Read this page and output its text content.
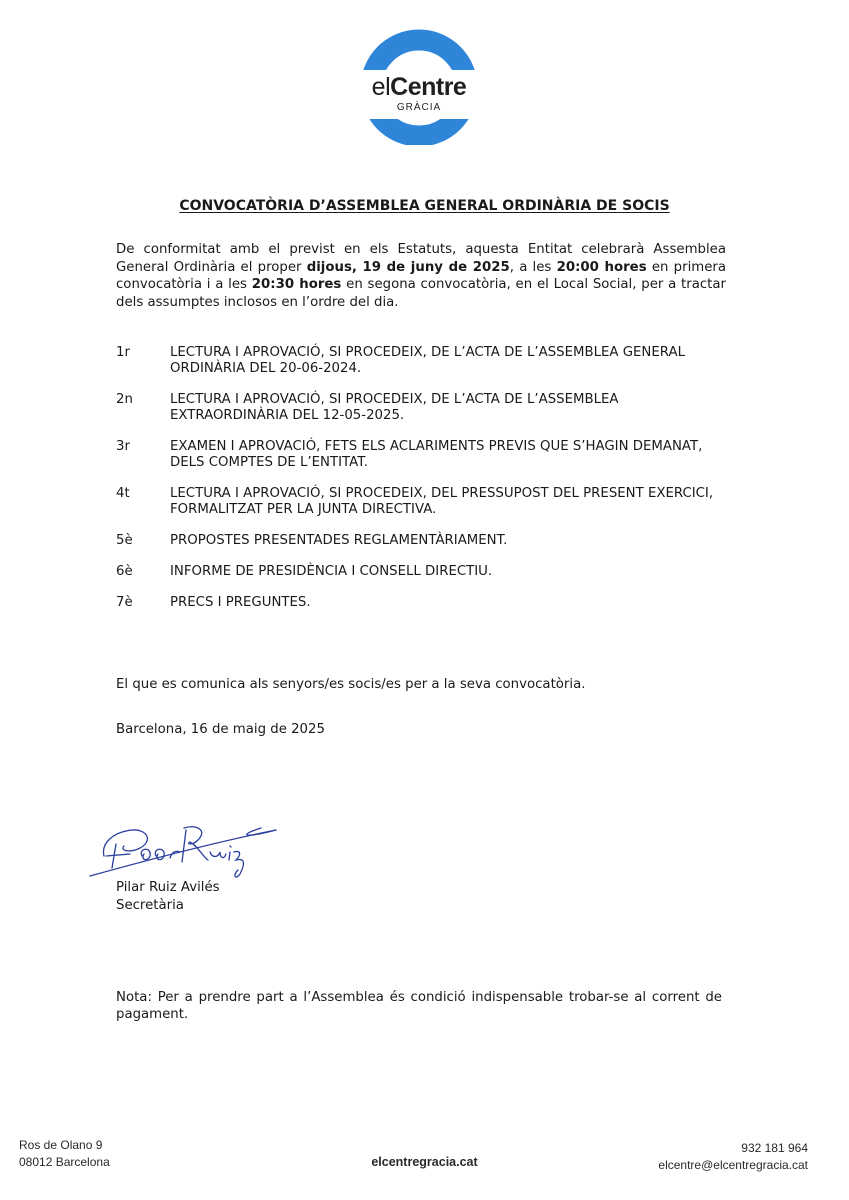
elCentre
GRÀCIA
CONVOCATÒRIA D’ASSEMBLEA GENERAL ORDINÀRIA DE SOCIS
De conformitat amb el previst en els Estatuts, aquesta Entitat celebrarà Assemblea General Ordinària el proper dijous, 19 de juny de 2025, a les 20:00 hores en primera convocatòria i a les 20:30 hores en segona convocatòria, en el Local Social, per a tractar dels assumptes inclosos en l’ordre del dia.
1r	LECTURA I APROVACIÓ, SI PROCEDEIX, DE L’ACTA DE L’ASSEMBLEA GENERAL ORDINÀRIA DEL 20-06-2024.
2n	LECTURA I APROVACIÓ, SI PROCEDEIX, DE L’ACTA DE L’ASSEMBLEA EXTRAORDINÀRIA DEL 12-05-2025.
3r	EXAMEN I APROVACIÓ, FETS ELS ACLARIMENTS PREVIS QUE S’HAGIN DEMANAT, DELS COMPTES DE L’ENTITAT.
4t	LECTURA I APROVACIÓ, SI PROCEDEIX, DEL PRESSUPOST DEL PRESENT EXERCICI, FORMALITZAT PER LA JUNTA DIRECTIVA.
5è	PROPOSTES PRESENTADES REGLAMENTÀRIAMENT.
6è	INFORME DE PRESIDÈNCIA I CONSELL DIRECTIU.
7è	PRECS I PREGUNTES.
El que es comunica als senyors/es socis/es per a la seva convocatòria.
Barcelona, 16 de maig de 2025
Pilar Ruiz Avilés
Secretària
Nota: Per a prendre part a l’Assemblea és condició indispensable trobar-se al corrent de pagament.
Ros de Olano 9
08012 Barcelona	elcentregracia.cat
932 181 964
elcentre@elcentregracia.cat
